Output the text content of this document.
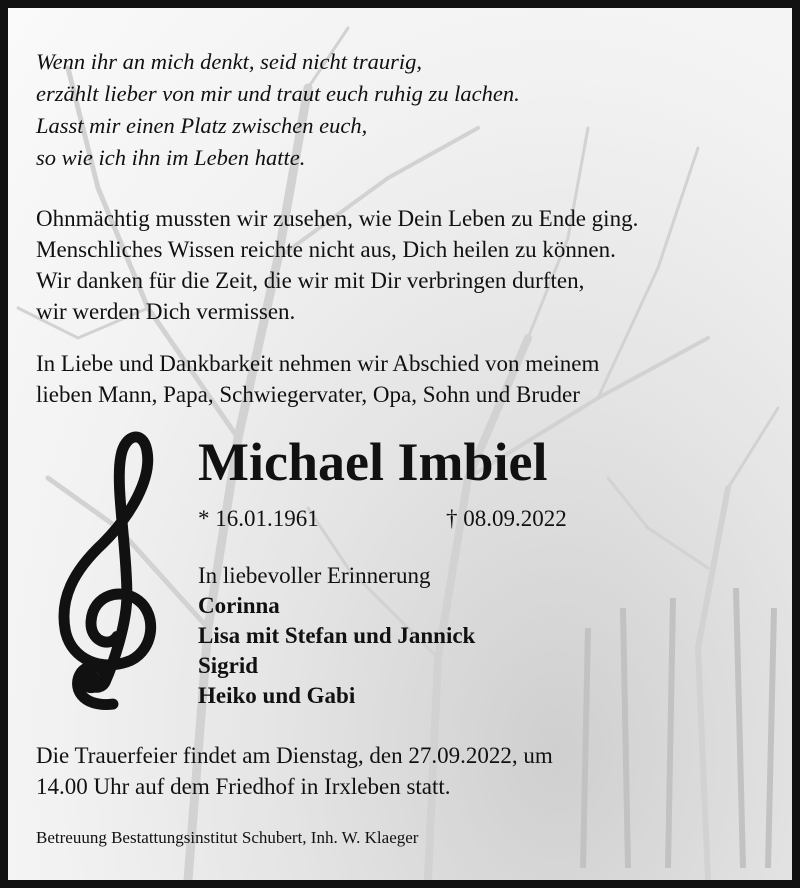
Wenn ihr an mich denkt, seid nicht traurig,
erzählt lieber von mir und traut euch ruhig zu lachen.
Lasst mir einen Platz zwischen euch,
so wie ich ihn im Leben hatte.
Ohnmächtig mussten wir zusehen, wie Dein Leben zu Ende ging.
Menschliches Wissen reichte nicht aus, Dich heilen zu können.
Wir danken für die Zeit, die wir mit Dir verbringen durften,
wir werden Dich vermissen.
In Liebe und Dankbarkeit nehmen wir Abschied von meinem
lieben Mann, Papa, Schwiegervater, Opa, Sohn und Bruder
Michael Imbiel
* 16.01.1961	† 08.09.2022
In liebevoller Erinnerung
Corinna
Lisa mit Stefan und Jannick
Sigrid
Heiko und Gabi
Die Trauerfeier findet am Dienstag, den 27.09.2022, um
14.00 Uhr auf dem Friedhof in Irxleben statt.
Betreuung Bestattungsinstitut Schubert, Inh. W. Klaeger
